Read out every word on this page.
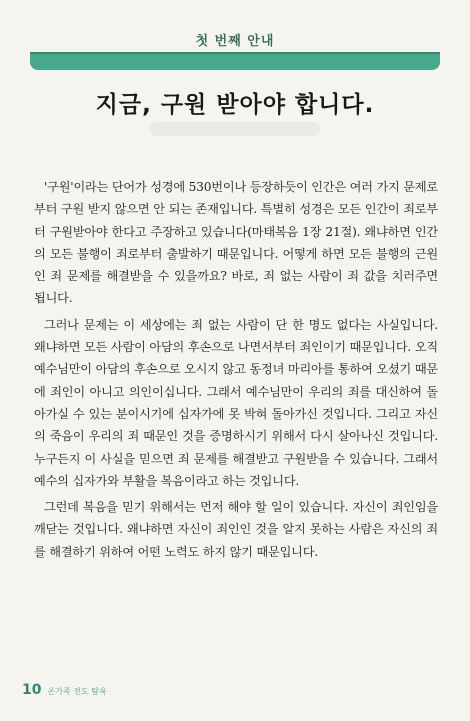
첫 번째 안내
지금, 구원 받아야 합니다.

'구원'이라는 단어가 성경에 530번이나 등장하듯이 인간은 여러 가지 문제로부터 구원 받지 않으면 안 되는 존재입니다. 특별히 성경은 모든 인간이 죄로부터 구원받아야 한다고 주장하고 있습니다(마태복음 1장 21절). 왜냐하면 인간의 모든 불행이 죄로부터 출발하기 때문입니다. 어떻게 하면 모든 불행의 근원인 죄 문제를 해결받을 수 있을까요? 바로, 죄 없는 사람이 죄 값을 치러주면 됩니다.

그러나 문제는 이 세상에는 죄 없는 사람이 단 한 명도 없다는 사실입니다. 왜냐하면 모든 사람이 아담의 후손으로 나면서부터 죄인이기 때문입니다. 오직 예수님만이 아담의 후손으로 오시지 않고 동정녀 마리아를 통하여 오셨기 때문에 죄인이 아니고 의인이십니다. 그래서 예수님만이 우리의 죄를 대신하여 돌아가실 수 있는 분이시기에 십자가에 못 박혀 돌아가신 것입니다. 그리고 자신의 죽음이 우리의 죄 때문인 것을 증명하시기 위해서 다시 살아나신 것입니다. 누구든지 이 사실을 믿으면 죄 문제를 해결받고 구원받을 수 있습니다. 그래서 예수의 십자가와 부활을 복음이라고 하는 것입니다.

그런데 복음을 믿기 위해서는 먼저 해야 할 일이 있습니다. 자신이 죄인임을 깨닫는 것입니다. 왜냐하면 자신이 죄인인 것을 알지 못하는 사람은 자신의 죄를 해결하기 위하여 어떤 노력도 하지 않기 때문입니다.

10 온가족 전도 탐욕
